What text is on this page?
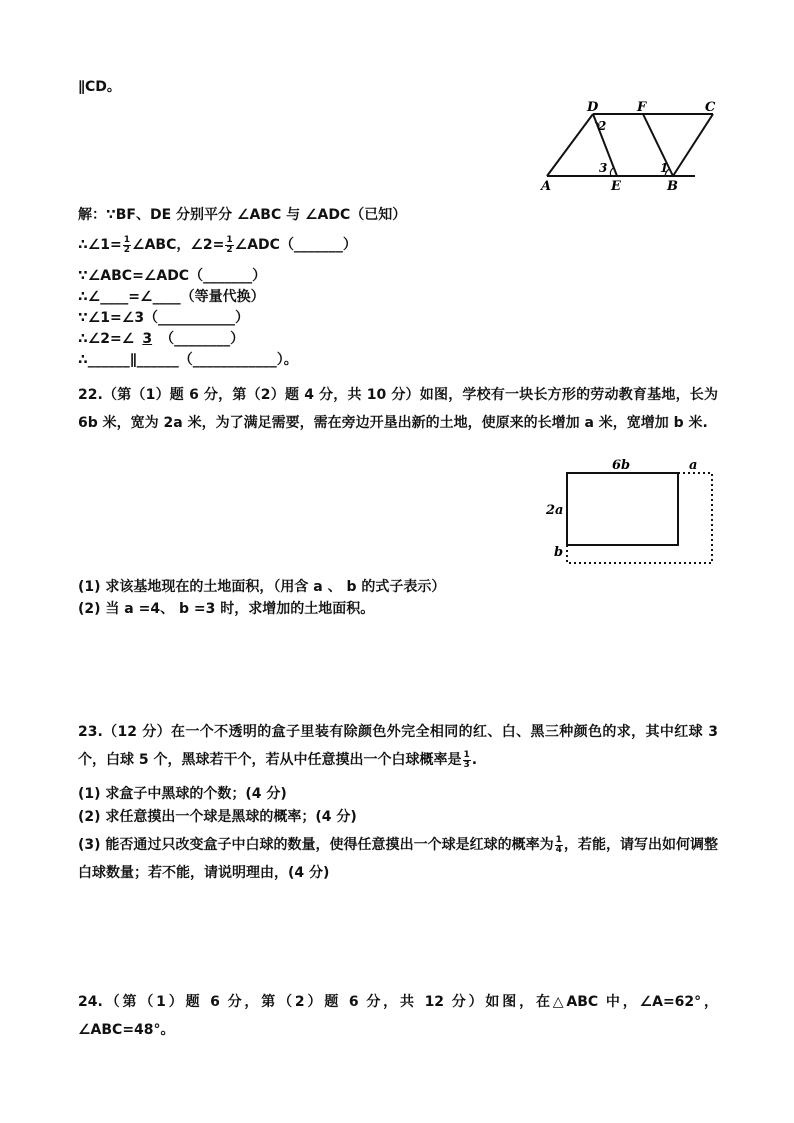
∥CD。
A	E	B
D	F	C
2
3	1
解：∵BF、DE 分别平分 ∠ABC 与 ∠ADC（已知）
∴∠1= $\frac{1}{2}$ ∠ABC，∠2= $\frac{1}{2}$ ∠ADC（_______）
∵∠ABC=∠ADC（_______）
∴∠____=∠____（等量代换）
∵∠1=∠3（___________）
∴∠2=∠ 3 （________）
∴______∥______（____________）。
22.（第（1）题 6 分，第（2）题 4 分，共 10 分）如图，学校有一块长方形的劳动教育基地，长为 6b 米，宽为 2a 米，为了满足需要，需在旁边开垦出新的土地，使原来的长增加 a 米，宽增加 b 米.
6b
2a
a
b
(1) 求该基地现在的土地面积，（用含 a 、 b 的式子表示）
(2) 当 a =4、 b =3 时，求增加的土地面积。
23.（12 分）在一个不透明的盒子里装有除颜色外完全相同的红、白、黑三种颜色的求，其中红球 3 个，白球 5 个，黑球若干个，若从中任意摸出一个白球概率是 $\frac{1}{3}$ .
(1) 求盒子中黑球的个数；(4 分)
(2) 求任意摸出一个球是黑球的概率；(4 分)
(3) 能否通过只改变盒子中白球的数量，使得任意摸出一个球是红球的概率为 $\frac{1}{4}$ ，若能，请写出如何调整白球数量；若不能，请说明理由，(4 分)
24.（第（1）题 6 分，第（2）题 6 分，共 12 分）如图，在△ABC 中，∠A=62°，∠ABC=48°。
